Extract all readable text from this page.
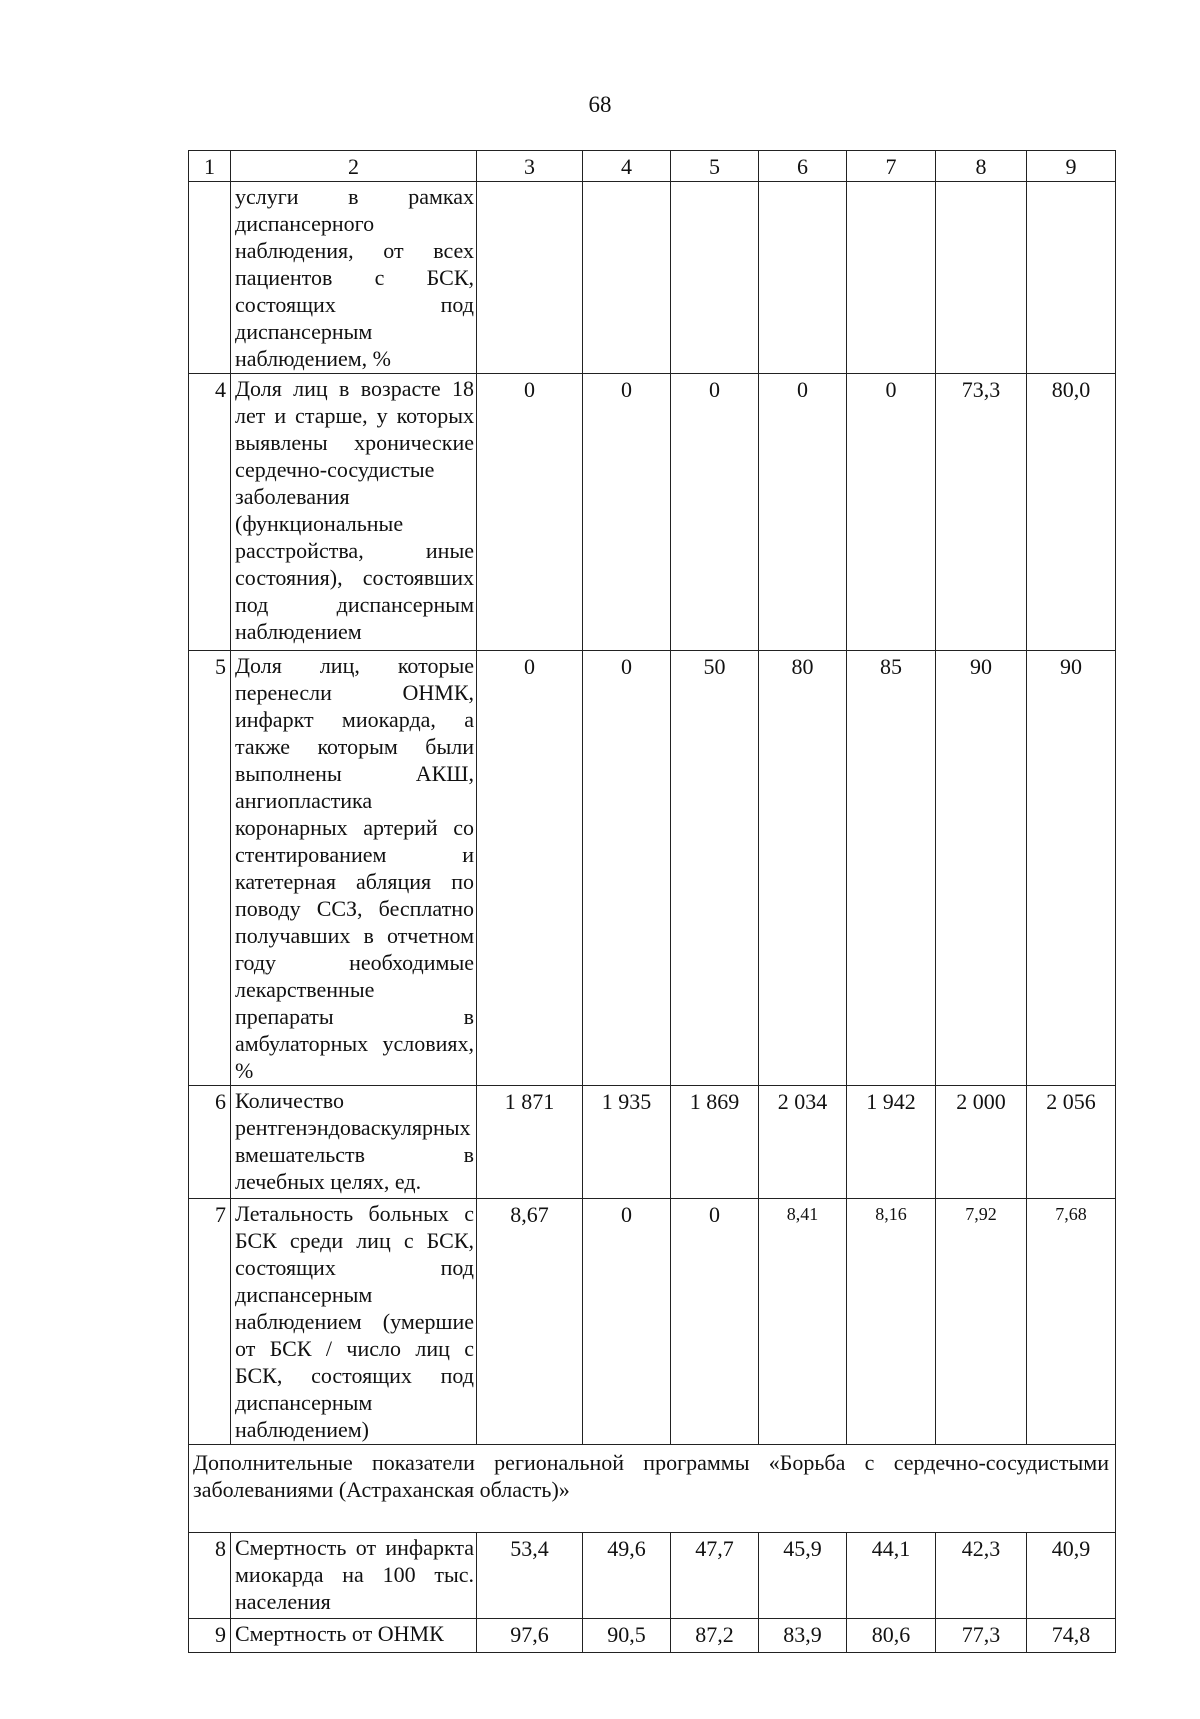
68
1	2	3	4	5	6	7	8	9
	услуги в рамках диспансерного наблюдения, от всех пациентов с БСК, состоящих под диспансерным наблюдением, %							
4	Доля лиц в возрасте 18 лет и старше, у которых выявлены хронические сердечно-сосудистые заболевания (функциональные расстройства, иные состояния), состоявших под диспансерным наблюдением	0	0	0	0	0	73,3	80,0
5	Доля лиц, которые перенесли ОНМК, инфаркт миокарда, а также которым были выполнены АКШ, ангиопластика коронарных артерий со стентированием и катетерная абляция по поводу ССЗ, бесплатно получавших в отчетном году необходимые лекарственные препараты в амбулаторных условиях, %	0	0	50	80	85	90	90
6	Количество рентгенэндоваскулярных вмешательств в лечебных целях, ед.	1 871	1 935	1 869	2 034	1 942	2 000	2 056
7	Летальность больных с БСК среди лиц с БСК, состоящих под диспансерным наблюдением (умершие от БСК / число лиц с БСК, состоящих под диспансерным наблюдением)	8,67	0	0	8,41	8,16	7,92	7,68
Дополнительные показатели региональной программы «Борьба с сердечно-сосудистыми заболеваниями (Астраханская область)»								
8	Смертность от инфаркта миокарда на 100 тыс. населения	53,4	49,6	47,7	45,9	44,1	42,3	40,9
9	Смертность от ОНМК	97,6	90,5	87,2	83,9	80,6	77,3	74,8
